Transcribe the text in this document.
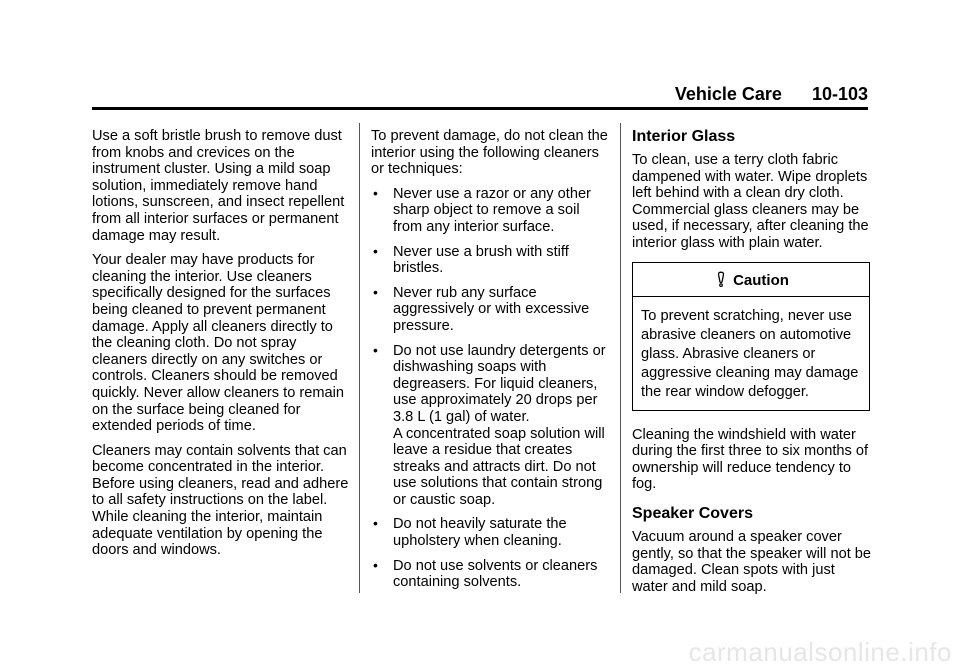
Vehicle Care 10-103

Use a soft bristle brush to remove dust from knobs and crevices on the instrument cluster. Using a mild soap solution, immediately remove hand lotions, sunscreen, and insect repellent from all interior surfaces or permanent damage may result.

Your dealer may have products for cleaning the interior. Use cleaners specifically designed for the surfaces being cleaned to prevent permanent damage. Apply all cleaners directly to the cleaning cloth. Do not spray cleaners directly on any switches or controls. Cleaners should be removed quickly. Never allow cleaners to remain on the surface being cleaned for extended periods of time.

Cleaners may contain solvents that can become concentrated in the interior. Before using cleaners, read and adhere to all safety instructions on the label. While cleaning the interior, maintain adequate ventilation by opening the doors and windows.

To prevent damage, do not clean the interior using the following cleaners or techniques:

• Never use a razor or any other sharp object to remove a soil from any interior surface.
• Never use a brush with stiff bristles.
• Never rub any surface aggressively or with excessive pressure.
• Do not use laundry detergents or dishwashing soaps with degreasers. For liquid cleaners, use approximately 20 drops per 3.8 L (1 gal) of water.
A concentrated soap solution will leave a residue that creates streaks and attracts dirt. Do not use solutions that contain strong or caustic soap.
• Do not heavily saturate the upholstery when cleaning.
• Do not use solvents or cleaners containing solvents.
Interior Glass

To clean, use a terry cloth fabric dampened with water. Wipe droplets left behind with a clean dry cloth. Commercial glass cleaners may be used, if necessary, after cleaning the interior glass with plain water.

Caution
To prevent scratching, never use abrasive cleaners on automotive glass. Abrasive cleaners or aggressive cleaning may damage the rear window defogger.

Cleaning the windshield with water during the first three to six months of ownership will reduce tendency to fog.

Speaker Covers

Vacuum around a speaker cover gently, so that the speaker will not be damaged. Clean spots with just water and mild soap.

carmanualsonline.info
